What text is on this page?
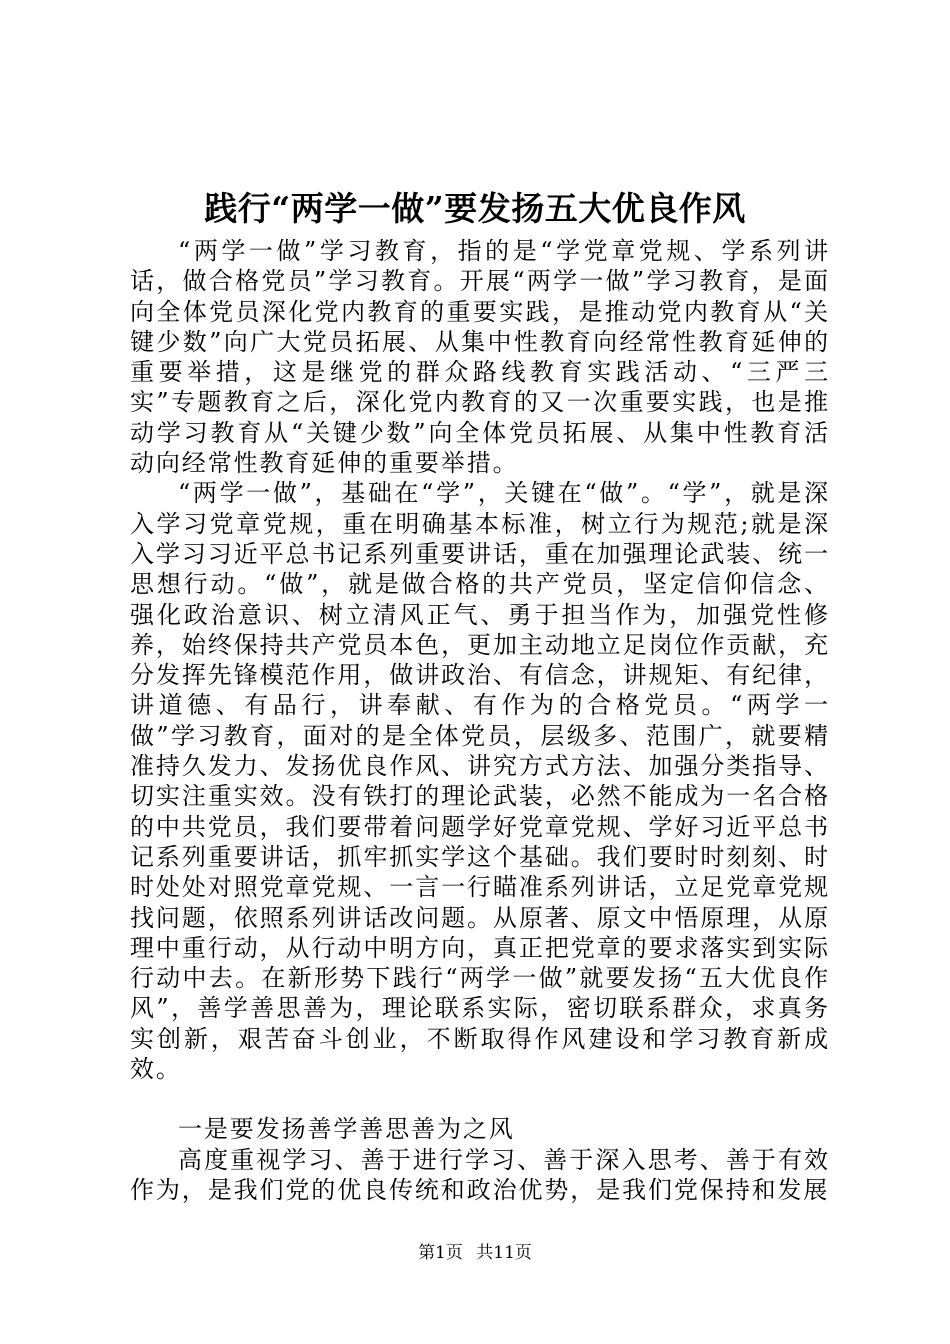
践行“两学一做”要发扬五大优良作风

“两学一做”学习教育，指的是“学党章党规、学系列讲话，做合格党员”学习教育。开展“两学一做”学习教育，是面向全体党员深化党内教育的重要实践，是推动党内教育从“关键少数”向广大党员拓展、从集中性教育向经常性教育延伸的重要举措，这是继党的群众路线教育实践活动、“三严三实”专题教育之后，深化党内教育的又一次重要实践，也是推动学习教育从“关键少数”向全体党员拓展、从集中性教育活动向经常性教育延伸的重要举措。

“两学一做”，基础在“学”，关键在“做”。“学”，就是深入学习党章党规，重在明确基本标准，树立行为规范;就是深入学习习近平总书记系列重要讲话，重在加强理论武装、统一思想行动。“做”，就是做合格的共产党员，坚定信仰信念、强化政治意识、树立清风正气、勇于担当作为，加强党性修养，始终保持共产党员本色，更加主动地立足岗位作贡献，充分发挥先锋模范作用，做讲政治、有信念，讲规矩、有纪律，讲道德、有品行，讲奉献、有作为的合格党员。“两学一做”学习教育，面对的是全体党员，层级多、范围广，就要精准持久发力、发扬优良作风、讲究方式方法、加强分类指导、切实注重实效。没有铁打的理论武装，必然不能成为一名合格的中共党员，我们要带着问题学好党章党规、学好习近平总书记系列重要讲话，抓牢抓实学这个基础。我们要时时刻刻、时时处处对照党章党规、一言一行瞄准系列讲话，立足党章党规找问题，依照系列讲话改问题。从原著、原文中悟原理，从原理中重行动，从行动中明方向，真正把党章的要求落实到实际行动中去。在新形势下践行“两学一做”就要发扬“五大优良作风”，善学善思善为，理论联系实际，密切联系群众，求真务实创新，艰苦奋斗创业，不断取得作风建设和学习教育新成效。

一是要发扬善学善思善为之风

高度重视学习、善于进行学习、善于深入思考、善于有效作为，是我们党的优良传统和政治优势，是我们党保持和发展

第1页 共11页
